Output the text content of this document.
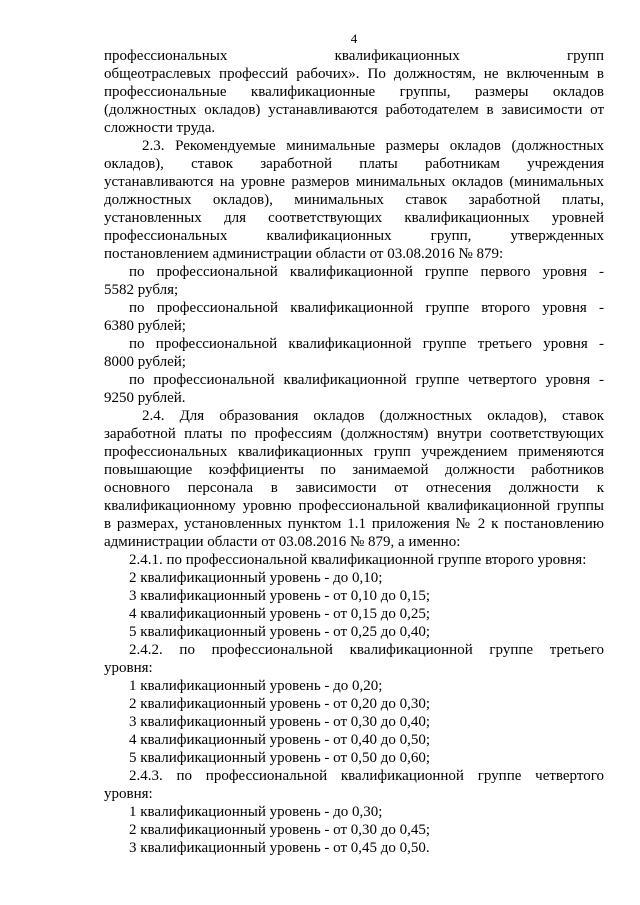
4
профессиональных квалификационных групп
общеотраслевых профессий рабочих». По должностям, не включенным в
профессиональные квалификационные группы, размеры окладов
(должностных окладов) устанавливаются работодателем в зависимости от
сложности труда.
2.3. Рекомендуемые минимальные размеры окладов (должностных
окладов), ставок заработной платы работникам учреждения
устанавливаются на уровне размеров минимальных окладов (минимальных
должностных окладов), минимальных ставок заработной платы,
установленных для соответствующих квалификационных уровней
профессиональных квалификационных групп, утвержденных
постановлением администрации области от 03.08.2016 № 879:
по профессиональной квалификационной группе первого уровня -
5582 рубля;
по профессиональной квалификационной группе второго уровня -
6380 рублей;
по профессиональной квалификационной группе третьего уровня -
8000 рублей;
по профессиональной квалификационной группе четвертого уровня -
9250 рублей.
2.4. Для образования окладов (должностных окладов), ставок
заработной платы по профессиям (должностям) внутри соответствующих
профессиональных квалификационных групп учреждением применяются
повышающие коэффициенты по занимаемой должности работников
основного персонала в зависимости от отнесения должности к
квалификационному уровню профессиональной квалификационной группы
в размерах, установленных пунктом 1.1 приложения № 2 к постановлению
администрации области от 03.08.2016 № 879, а именно:
2.4.1. по профессиональной квалификационной группе второго уровня:
2 квалификационный уровень - до 0,10;
3 квалификационный уровень - от 0,10 до 0,15;
4 квалификационный уровень - от 0,15 до 0,25;
5 квалификационный уровень - от 0,25 до 0,40;
2.4.2. по профессиональной квалификационной группе третьего
уровня:
1 квалификационный уровень - до 0,20;
2 квалификационный уровень - от 0,20 до 0,30;
3 квалификационный уровень - от 0,30 до 0,40;
4 квалификационный уровень - от 0,40 до 0,50;
5 квалификационный уровень - от 0,50 до 0,60;
2.4.3. по профессиональной квалификационной группе четвертого
уровня:
1 квалификационный уровень - до 0,30;
2 квалификационный уровень - от 0,30 до 0,45;
3 квалификационный уровень - от 0,45 до 0,50.
